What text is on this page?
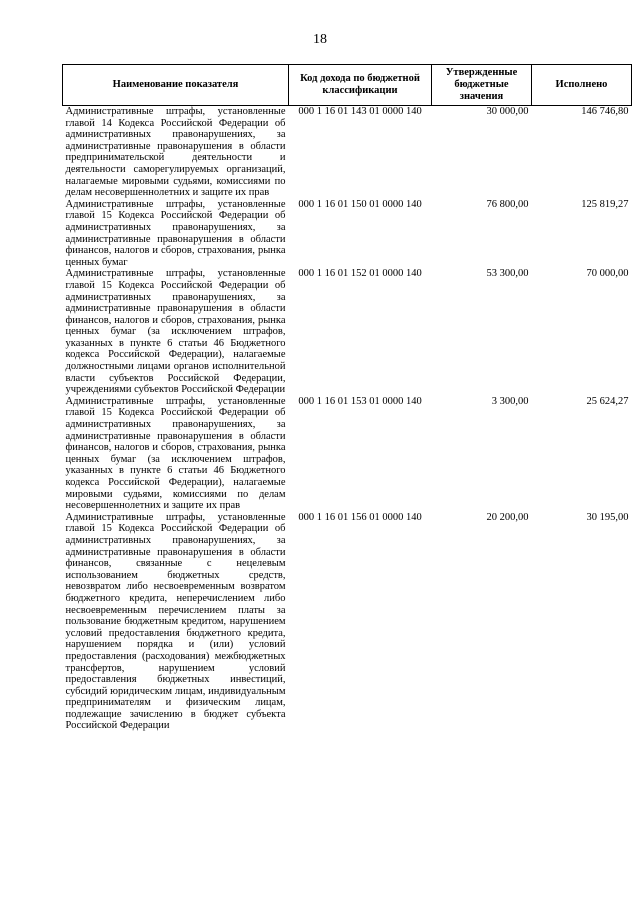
18
Наименование показателя	Код дохода по бюджетной классификации	Утвержденные бюджетные значения	Исполнено
Административные штрафы, установленные главой 14 Кодекса Российской Федерации об административных правонарушениях, за административные правонарушения в области предпринимательской деятельности и деятельности саморегулируемых организаций, налагаемые мировыми судьями, комиссиями по делам несовершеннолетних и защите их прав	000 1 16 01 143 01 0000 140	30 000,00	146 746,80
Административные штрафы, установленные главой 15 Кодекса Российской Федерации об административных правонарушениях, за административные правонарушения в области финансов, налогов и сборов, страхования, рынка ценных бумаг	000 1 16 01 150 01 0000 140	76 800,00	125 819,27
Административные штрафы, установленные главой 15 Кодекса Российской Федерации об административных правонарушениях, за административные правонарушения в области финансов, налогов и сборов, страхования, рынка ценных бумаг (за исключением штрафов, указанных в пункте 6 статьи 46 Бюджетного кодекса Российской Федерации), налагаемые должностными лицами органов исполнительной власти субъектов Российской Федерации, учреждениями субъектов Российской Федерации	000 1 16 01 152 01 0000 140	53 300,00	70 000,00
Административные штрафы, установленные главой 15 Кодекса Российской Федерации об административных правонарушениях, за административные правонарушения в области финансов, налогов и сборов, страхования, рынка ценных бумаг (за исключением штрафов, указанных в пункте 6 статьи 46 Бюджетного кодекса Российской Федерации), налагаемые мировыми судьями, комиссиями по делам несовершеннолетних и защите их прав	000 1 16 01 153 01 0000 140	3 300,00	25 624,27
Административные штрафы, установленные главой 15 Кодекса Российской Федерации об административных правонарушениях, за административные правонарушения в области финансов, связанные с нецелевым использованием бюджетных средств, невозвратом либо несвоевременным возвратом бюджетного кредита, неперечислением либо несвоевременным перечислением платы за пользование бюджетным кредитом, нарушением условий предоставления бюджетного кредита, нарушением порядка и (или) условий предоставления (расходования) межбюджетных трансфертов, нарушением условий предоставления бюджетных инвестиций, субсидий юридическим лицам, индивидуальным предпринимателям и физическим лицам, подлежащие зачислению в бюджет субъекта Российской Федерации	000 1 16 01 156 01 0000 140	20 200,00	30 195,00
